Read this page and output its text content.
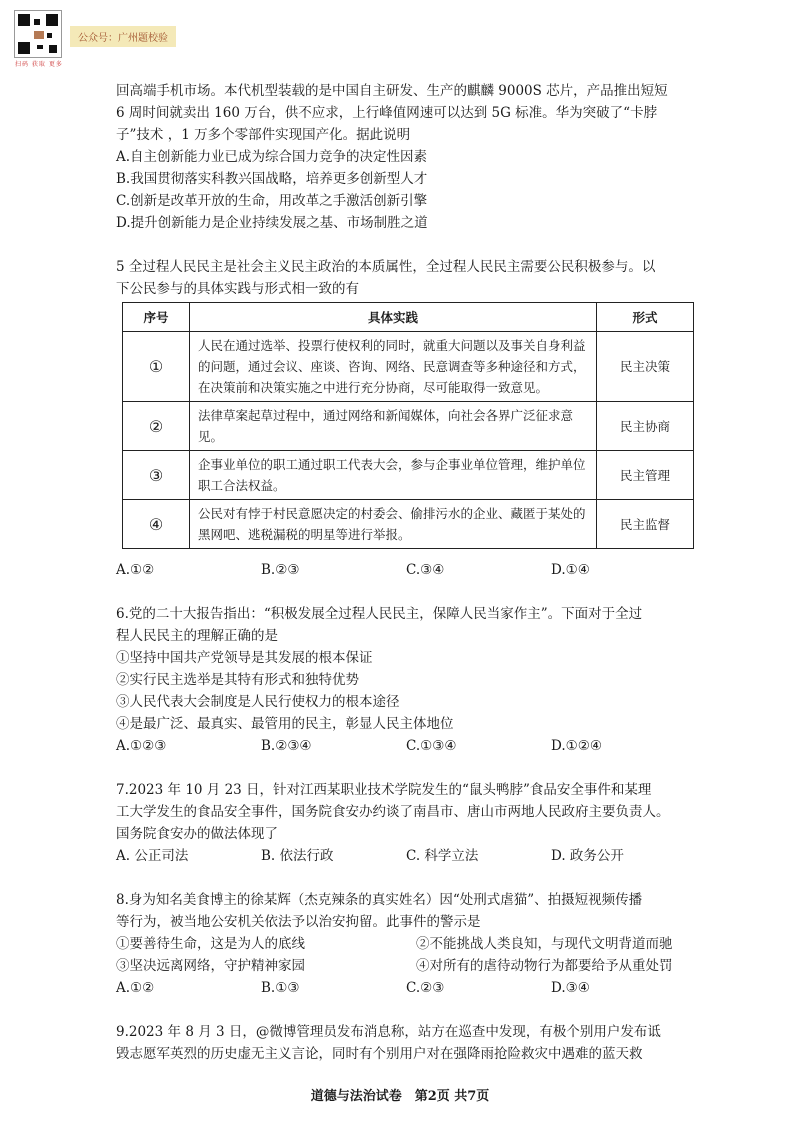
扫码 获取 更多
公众号：广州题校验
回高端手机市场。本代机型装载的是中国自主研发、生产的麒麟 9000S 芯片，产品推出短短
6 周时间就卖出 160 万台，供不应求，上行峰值网速可以达到 5G 标准。华为突破了“卡脖
子”技术 ，1 万多个零部件实现国产化。据此说明
A.自主创新能力业已成为综合国力竞争的决定性因素
B.我国贯彻落实科教兴国战略，培养更多创新型人才
C.创新是改革开放的生命，用改革之手激活创新引擎
D.提升创新能力是企业持续发展之基、市场制胜之道
5 全过程人民民主是社会主义民主政治的本质属性，全过程人民民主需要公民积极参与。以
下公民参与的具体实践与形式相一致的有
序号	具体实践	形式
①	人民在通过选举、投票行使权利的同时，就重大问题以及事关自身利益的问题，通过会议、座谈、咨询、网络、民意调查等多种途径和方式，在决策前和决策实施之中进行充分协商，尽可能取得一致意见。	民主决策
②	法律草案起草过程中，通过网络和新闻媒体，向社会各界广泛征求意见。	民主协商
③	企事业单位的职工通过职工代表大会，参与企事业单位管理，维护单位职工合法权益。	民主管理
④	公民对有悖于村民意愿决定的村委会、偷排污水的企业、藏匿于某处的黑网吧、逃税漏税的明星等进行举报。	民主监督
A.①②	B.②③	C.③④	D.①④
6.党的二十大报告指出：“积极发展全过程人民民主，保障人民当家作主”。下面对于全过
程人民民主的理解正确的是
①坚持中国共产党领导是其发展的根本保证
②实行民主选举是其特有形式和独特优势
③人民代表大会制度是人民行使权力的根本途径
④是最广泛、最真实、最管用的民主，彰显人民主体地位
A.①②③	B.②③④	C.①③④	D.①②④
7.2023 年 10 月 23 日，针对江西某职业技术学院发生的“鼠头鸭脖”食品安全事件和某理
工大学发生的食品安全事件，国务院食安办约谈了南昌市、唐山市两地人民政府主要负责人。
国务院食安办的做法体现了
A. 公正司法	B. 依法行政	C. 科学立法	D. 政务公开
8.身为知名美食博主的徐某辉（杰克辣条的真实姓名）因“处刑式虐猫”、拍摄短视频传播
等行为，被当地公安机关依法予以治安拘留。此事件的警示是
①要善待生命，这是为人的底线	②不能挑战人类良知，与现代文明背道而驰
③坚决远离网络，守护精神家园	④对所有的虐待动物行为都要给予从重处罚
A.①②	B.①③	C.②③	D.③④
9.2023 年 8 月 3 日，@微博管理员发布消息称，站方在巡查中发现，有极个别用户发布诋
毁志愿军英烈的历史虚无主义言论，同时有个别用户对在强降雨抢险救灾中遇难的蓝天救
道德与法治试卷　第2页 共7页
